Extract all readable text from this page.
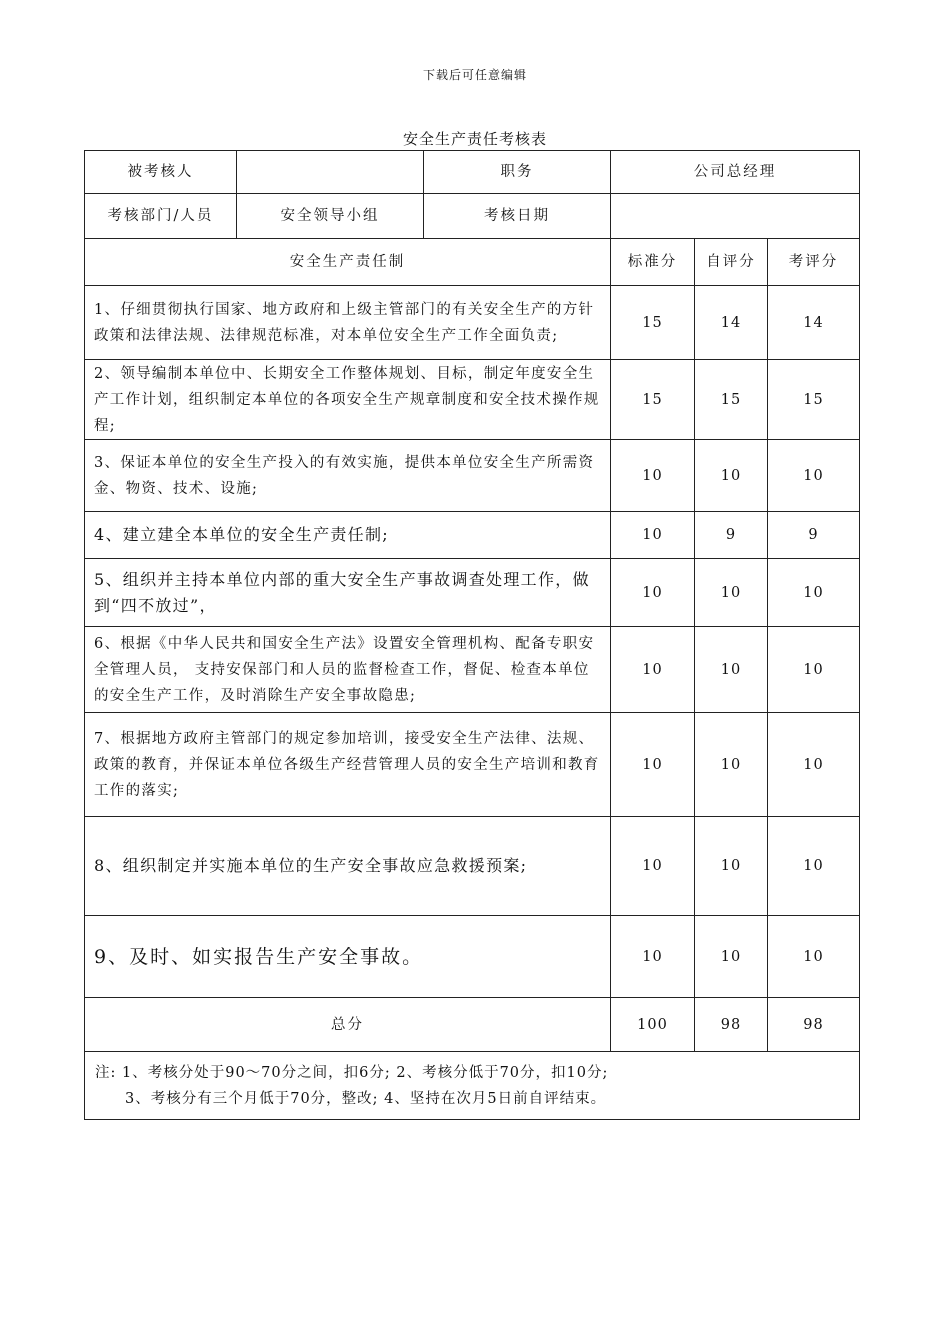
下载后可任意编辑
安全生产责任考核表
被考核人		职务	公司总经理		
考核部门/人员	安全领导小组	考核日期			
安全生产责任制			标准分	自评分	考评分
1、仔细贯彻执行国家、地方政府和上级主管部门的有关安全生产的方针政策和法律法规、法律规范标准，对本单位安全生产工作全面负责;			15	14	14
2、领导编制本单位中、长期安全工作整体规划、目标，制定年度安全生产工作计划，组织制定本单位的各项安全生产规章制度和安全技术操作规程;			15	15	15
3、保证本单位的安全生产投入的有效实施，提供本单位安全生产所需资金、物资、技术、设施;			10	10	10
4、建立建全本单位的安全生产责任制;			10	9	9
5、组织并主持本单位内部的重大安全生产事故调查处理工作，做到“四不放过”，			10	10	10
6、根据《中华人民共和国安全生产法》设置安全管理机构、配备专职安全管理人员， 支持安保部门和人员的监督检查工作，督促、检查本单位的安全生产工作，及时消除生产安全事故隐患;			10	10	10
7、根据地方政府主管部门的规定参加培训，接受安全生产法律、法规、政策的教育，并保证本单位各级生产经营管理人员的安全生产培训和教育工作的落实;			10	10	10
8、组织制定并实施本单位的生产安全事故应急救援预案;			10	10	10
9、及时、如实报告生产安全事故。			10	10	10
总分			100	98	98

注: 1、考核分处于90～70分之间，扣6分; 2、考核分低于70分，扣10分;
3、考核分有三个月低于70分，整改; 4、坚持在次月5日前自评结束。					
